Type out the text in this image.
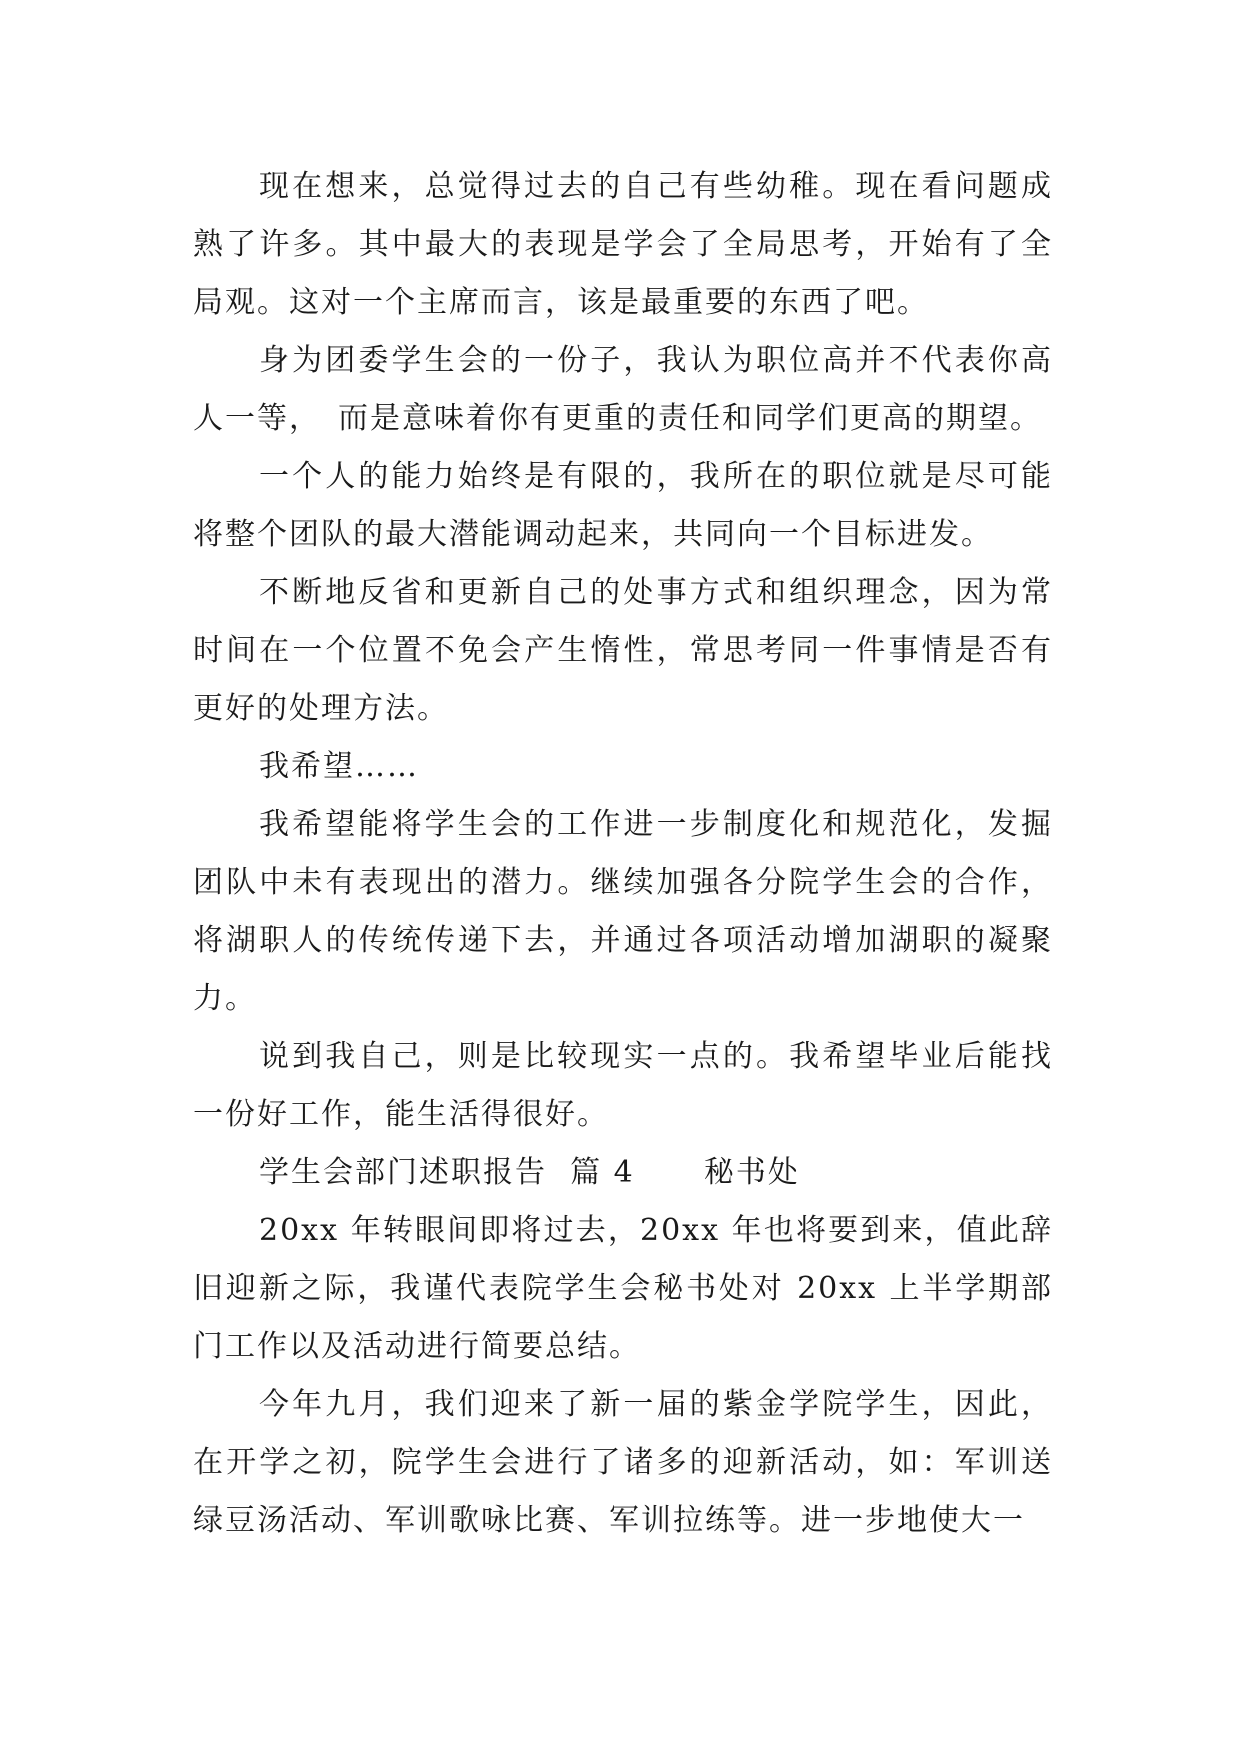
现在想来，总觉得过去的自己有些幼稚。现在看问题成熟了许多。其中最大的表现是学会了全局思考，开始有了全局观。这对一个主席而言，该是最重要的东西了吧。

身为团委学生会的一份子，我认为职位高并不代表你高人一等，　而是意味着你有更重的责任和同学们更高的期望。

一个人的能力始终是有限的，我所在的职位就是尽可能将整个团队的最大潜能调动起来，共同向一个目标进发。

不断地反省和更新自己的处事方式和组织理念，因为常时间在一个位置不免会产生惰性，常思考同一件事情是否有更好的处理方法。

我希望……

我希望能将学生会的工作进一步制度化和规范化，发掘团队中未有表现出的潜力。继续加强各分院学生会的合作，将湖职人的传统传递下去，并通过各项活动增加湖职的凝聚力。

说到我自己，则是比较现实一点的。我希望毕业后能找一份好工作，能生活得很好。

学生会部门述职报告  篇 4      秘书处

20xx 年转眼间即将过去，20xx 年也将要到来，值此辞旧迎新之际，我谨代表院学生会秘书处对 20xx 上半学期部门工作以及活动进行简要总结。

今年九月，我们迎来了新一届的紫金学院学生，因此，在开学之初，院学生会进行了诸多的迎新活动，如：军训送绿豆汤活动、军训歌咏比赛、军训拉练等。进一步地使大一
